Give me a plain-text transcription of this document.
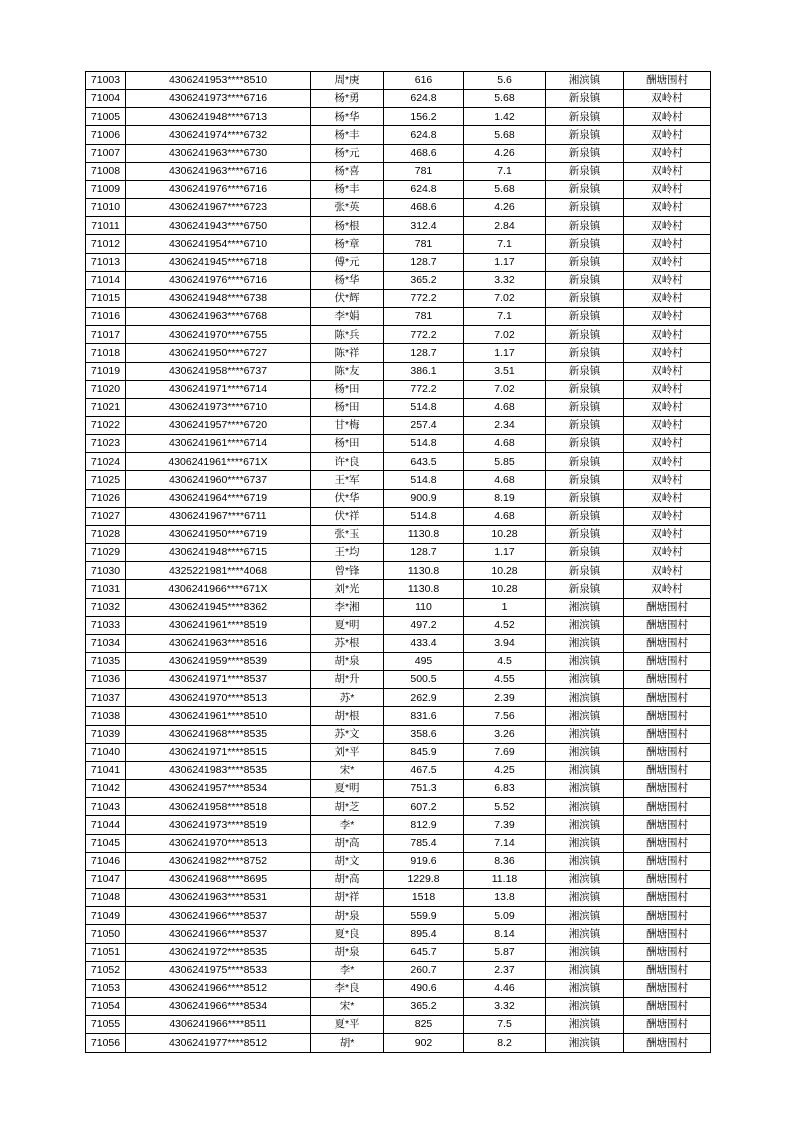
71003	4306241953****8510	周*庚	616	5.6	湘滨镇	酬塘围村
71004	4306241973****6716	杨*勇	624.8	5.68	新泉镇	双岭村
71005	4306241948****6713	杨*华	156.2	1.42	新泉镇	双岭村
71006	4306241974****6732	杨*丰	624.8	5.68	新泉镇	双岭村
71007	4306241963****6730	杨*元	468.6	4.26	新泉镇	双岭村
71008	4306241963****6716	杨*喜	781	7.1	新泉镇	双岭村
71009	4306241976****6716	杨*丰	624.8	5.68	新泉镇	双岭村
71010	4306241967****6723	张*英	468.6	4.26	新泉镇	双岭村
71011	4306241943****6750	杨*根	312.4	2.84	新泉镇	双岭村
71012	4306241954****6710	杨*章	781	7.1	新泉镇	双岭村
71013	4306241945****6718	傅*元	128.7	1.17	新泉镇	双岭村
71014	4306241976****6716	杨*华	365.2	3.32	新泉镇	双岭村
71015	4306241948****6738	伏*辉	772.2	7.02	新泉镇	双岭村
71016	4306241963****6768	李*娟	781	7.1	新泉镇	双岭村
71017	4306241970****6755	陈*兵	772.2	7.02	新泉镇	双岭村
71018	4306241950****6727	陈*祥	128.7	1.17	新泉镇	双岭村
71019	4306241958****6737	陈*友	386.1	3.51	新泉镇	双岭村
71020	4306241971****6714	杨*田	772.2	7.02	新泉镇	双岭村
71021	4306241973****6710	杨*田	514.8	4.68	新泉镇	双岭村
71022	4306241957****6720	甘*梅	257.4	2.34	新泉镇	双岭村
71023	4306241961****6714	杨*田	514.8	4.68	新泉镇	双岭村
71024	4306241961****671X	许*良	643.5	5.85	新泉镇	双岭村
71025	4306241960****6737	王*军	514.8	4.68	新泉镇	双岭村
71026	4306241964****6719	伏*华	900.9	8.19	新泉镇	双岭村
71027	4306241967****6711	伏*祥	514.8	4.68	新泉镇	双岭村
71028	4306241950****6719	张*玉	1130.8	10.28	新泉镇	双岭村
71029	4306241948****6715	王*均	128.7	1.17	新泉镇	双岭村
71030	4325221981****4068	曾*锋	1130.8	10.28	新泉镇	双岭村
71031	4306241966****671X	刘*光	1130.8	10.28	新泉镇	双岭村
71032	4306241945****8362	李*湘	110	1	湘滨镇	酬塘围村
71033	4306241961****8519	夏*明	497.2	4.52	湘滨镇	酬塘围村
71034	4306241963****8516	苏*根	433.4	3.94	湘滨镇	酬塘围村
71035	4306241959****8539	胡*泉	495	4.5	湘滨镇	酬塘围村
71036	4306241971****8537	胡*升	500.5	4.55	湘滨镇	酬塘围村
71037	4306241970****8513	苏*	262.9	2.39	湘滨镇	酬塘围村
71038	4306241961****8510	胡*根	831.6	7.56	湘滨镇	酬塘围村
71039	4306241968****8535	苏*文	358.6	3.26	湘滨镇	酬塘围村
71040	4306241971****8515	刘*平	845.9	7.69	湘滨镇	酬塘围村
71041	4306241983****8535	宋*	467.5	4.25	湘滨镇	酬塘围村
71042	4306241957****8534	夏*明	751.3	6.83	湘滨镇	酬塘围村
71043	4306241958****8518	胡*芝	607.2	5.52	湘滨镇	酬塘围村
71044	4306241973****8519	李*	812.9	7.39	湘滨镇	酬塘围村
71045	4306241970****8513	胡*高	785.4	7.14	湘滨镇	酬塘围村
71046	4306241982****8752	胡*文	919.6	8.36	湘滨镇	酬塘围村
71047	4306241968****8695	胡*高	1229.8	11.18	湘滨镇	酬塘围村
71048	4306241963****8531	胡*祥	1518	13.8	湘滨镇	酬塘围村
71049	4306241966****8537	胡*泉	559.9	5.09	湘滨镇	酬塘围村
71050	4306241966****8537	夏*良	895.4	8.14	湘滨镇	酬塘围村
71051	4306241972****8535	胡*泉	645.7	5.87	湘滨镇	酬塘围村
71052	4306241975****8533	李*	260.7	2.37	湘滨镇	酬塘围村
71053	4306241966****8512	李*良	490.6	4.46	湘滨镇	酬塘围村
71054	4306241966****8534	宋*	365.2	3.32	湘滨镇	酬塘围村
71055	4306241966****8511	夏*平	825	7.5	湘滨镇	酬塘围村
71056	4306241977****8512	胡*	902	8.2	湘滨镇	酬塘围村
